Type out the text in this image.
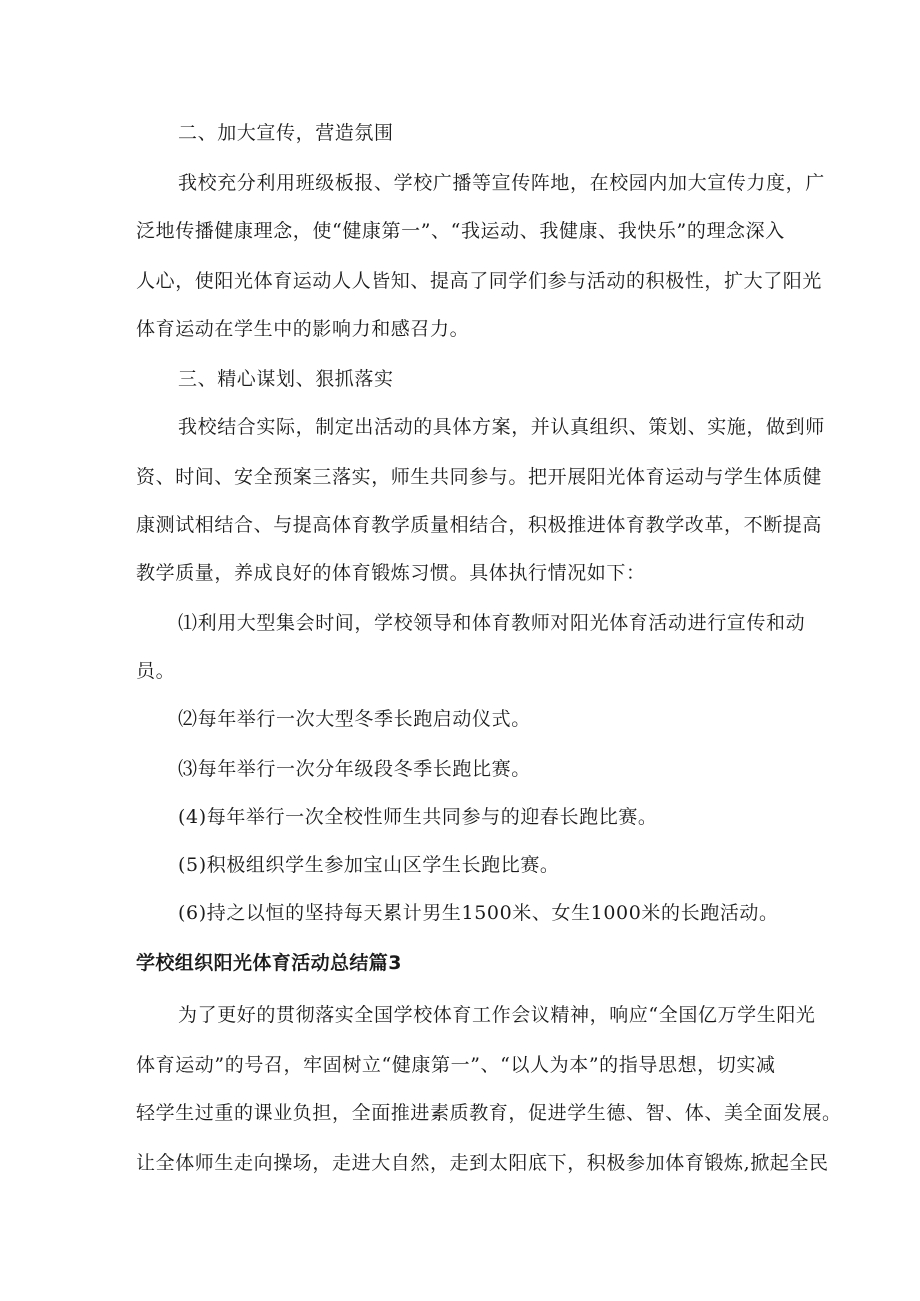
二、加大宣传，营造氛围
我校充分利用班级板报、学校广播等宣传阵地，在校园内加大宣传力度，广
泛地传播健康理念，使“健康第一”、“我运动、我健康、我快乐”的理念深入
人心，使阳光体育运动人人皆知、提高了同学们参与活动的积极性，扩大了阳光
体育运动在学生中的影响力和感召力。
三、精心谋划、狠抓落实
我校结合实际，制定出活动的具体方案，并认真组织、策划、实施，做到师
资、时间、安全预案三落实，师生共同参与。把开展阳光体育运动与学生体质健
康测试相结合、与提高体育教学质量相结合，积极推进体育教学改革，不断提高
教学质量，养成良好的体育锻炼习惯。具体执行情况如下：
⑴利用大型集会时间，学校领导和体育教师对阳光体育活动进行宣传和动
员。
⑵每年举行一次大型冬季长跑启动仪式。
⑶每年举行一次分年级段冬季长跑比赛。
(4)每年举行一次全校性师生共同参与的迎春长跑比赛。
(5)积极组织学生参加宝山区学生长跑比赛。
(6)持之以恒的坚持每天累计男生1500米、女生1000米的长跑活动。
学校组织阳光体育活动总结篇3
为了更好的贯彻落实全国学校体育工作会议精神，响应“全国亿万学生阳光
体育运动”的号召，牢固树立“健康第一”、“以人为本”的指导思想，切实减
轻学生过重的课业负担，全面推进素质教育，促进学生德、智、体、美全面发展。
让全体师生走向操场，走进大自然，走到太阳底下，积极参加体育锻炼,掀起全民
